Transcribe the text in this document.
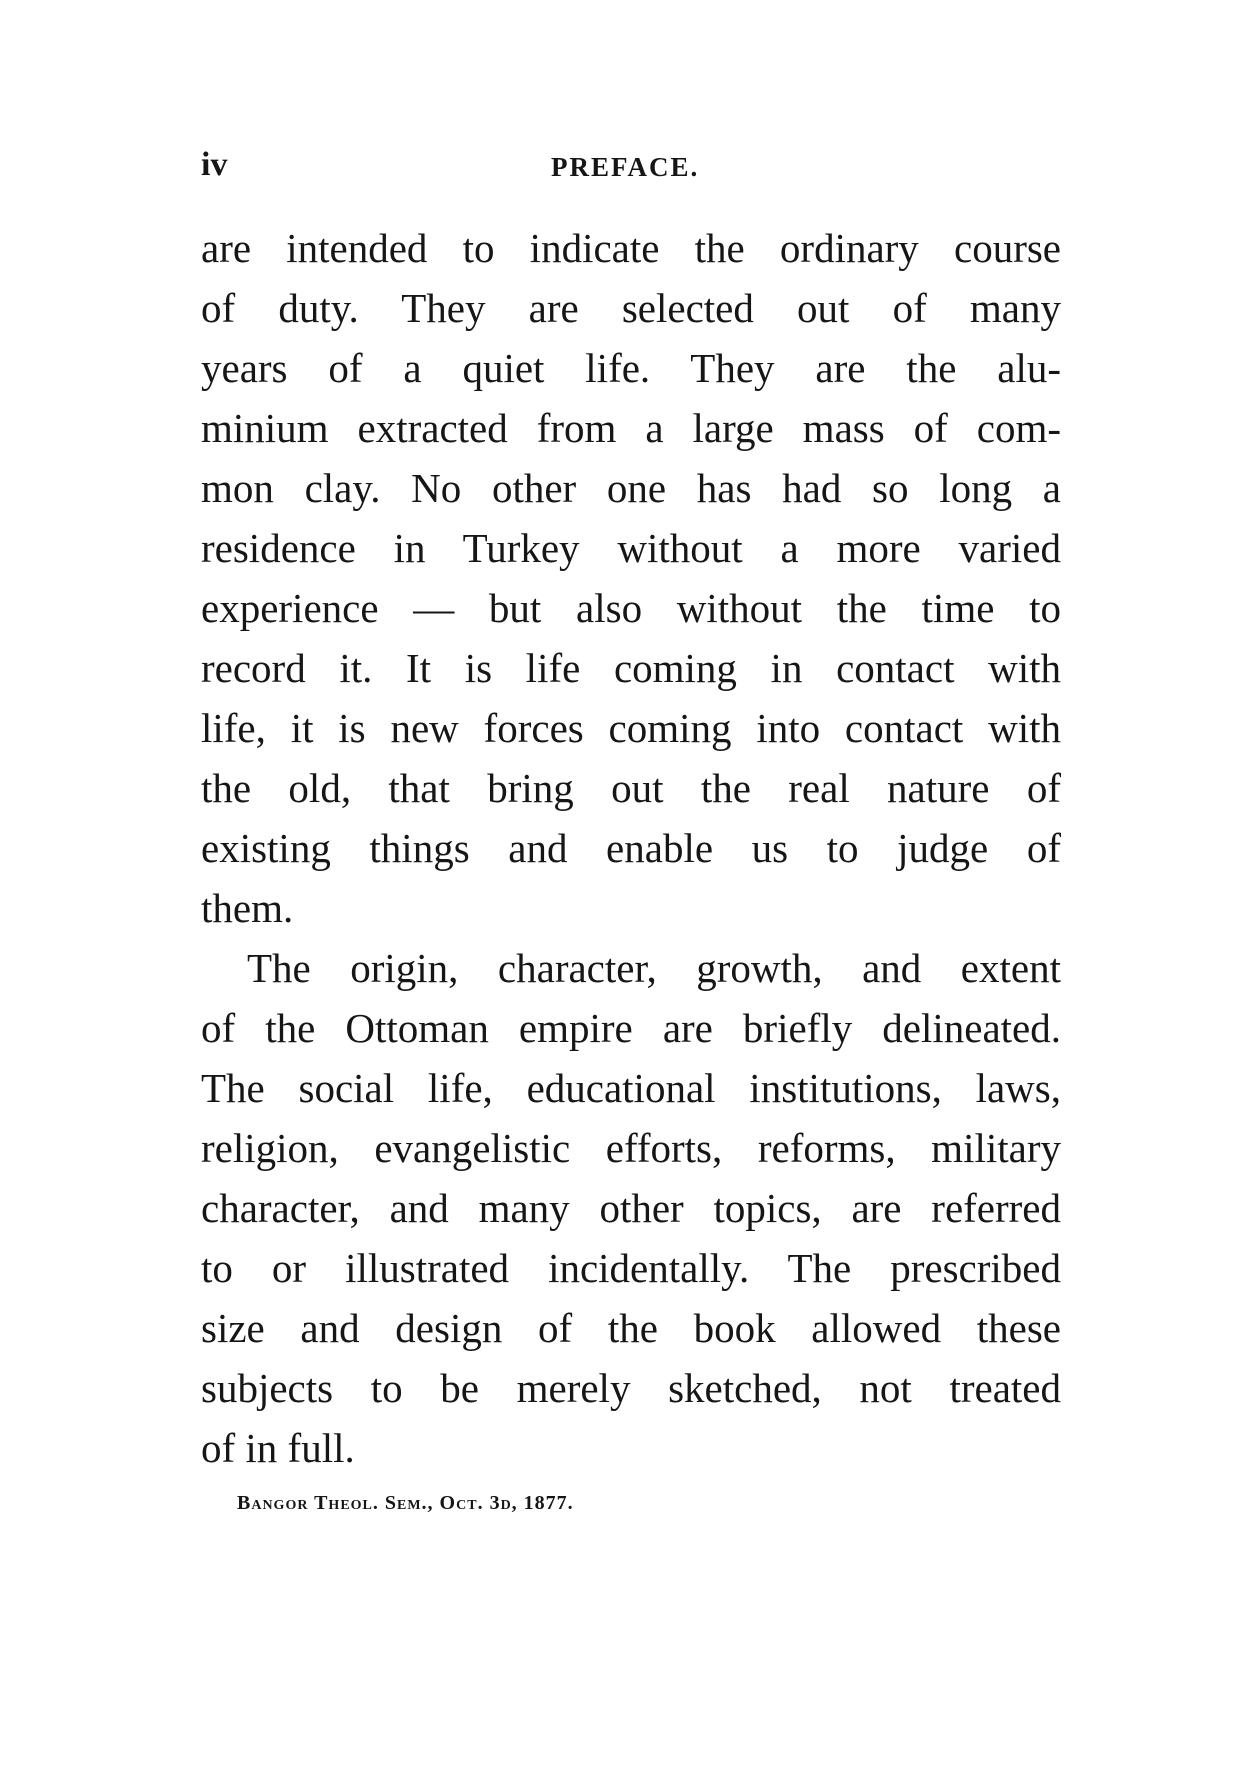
iv	PREFACE.
are intended to indicate the ordinary course
of duty. They are selected out of many
years of a quiet life. They are the alu-
minium extracted from a large mass of com-
mon clay. No other one has had so long a
residence in Turkey without a more varied
experience — but also without the time to
record it. It is life coming in contact with
life, it is new forces coming into contact with
the old, that bring out the real nature of
existing things and enable us to judge of
them.
The origin, character, growth, and extent
of the Ottoman empire are briefly delineated.
The social life, educational institutions, laws,
religion, evangelistic efforts, reforms, military
character, and many other topics, are referred
to or illustrated incidentally. The prescribed
size and design of the book allowed these
subjects to be merely sketched, not treated
of in full.
Bangor Theol. Sem., Oct. 3d, 1877.
